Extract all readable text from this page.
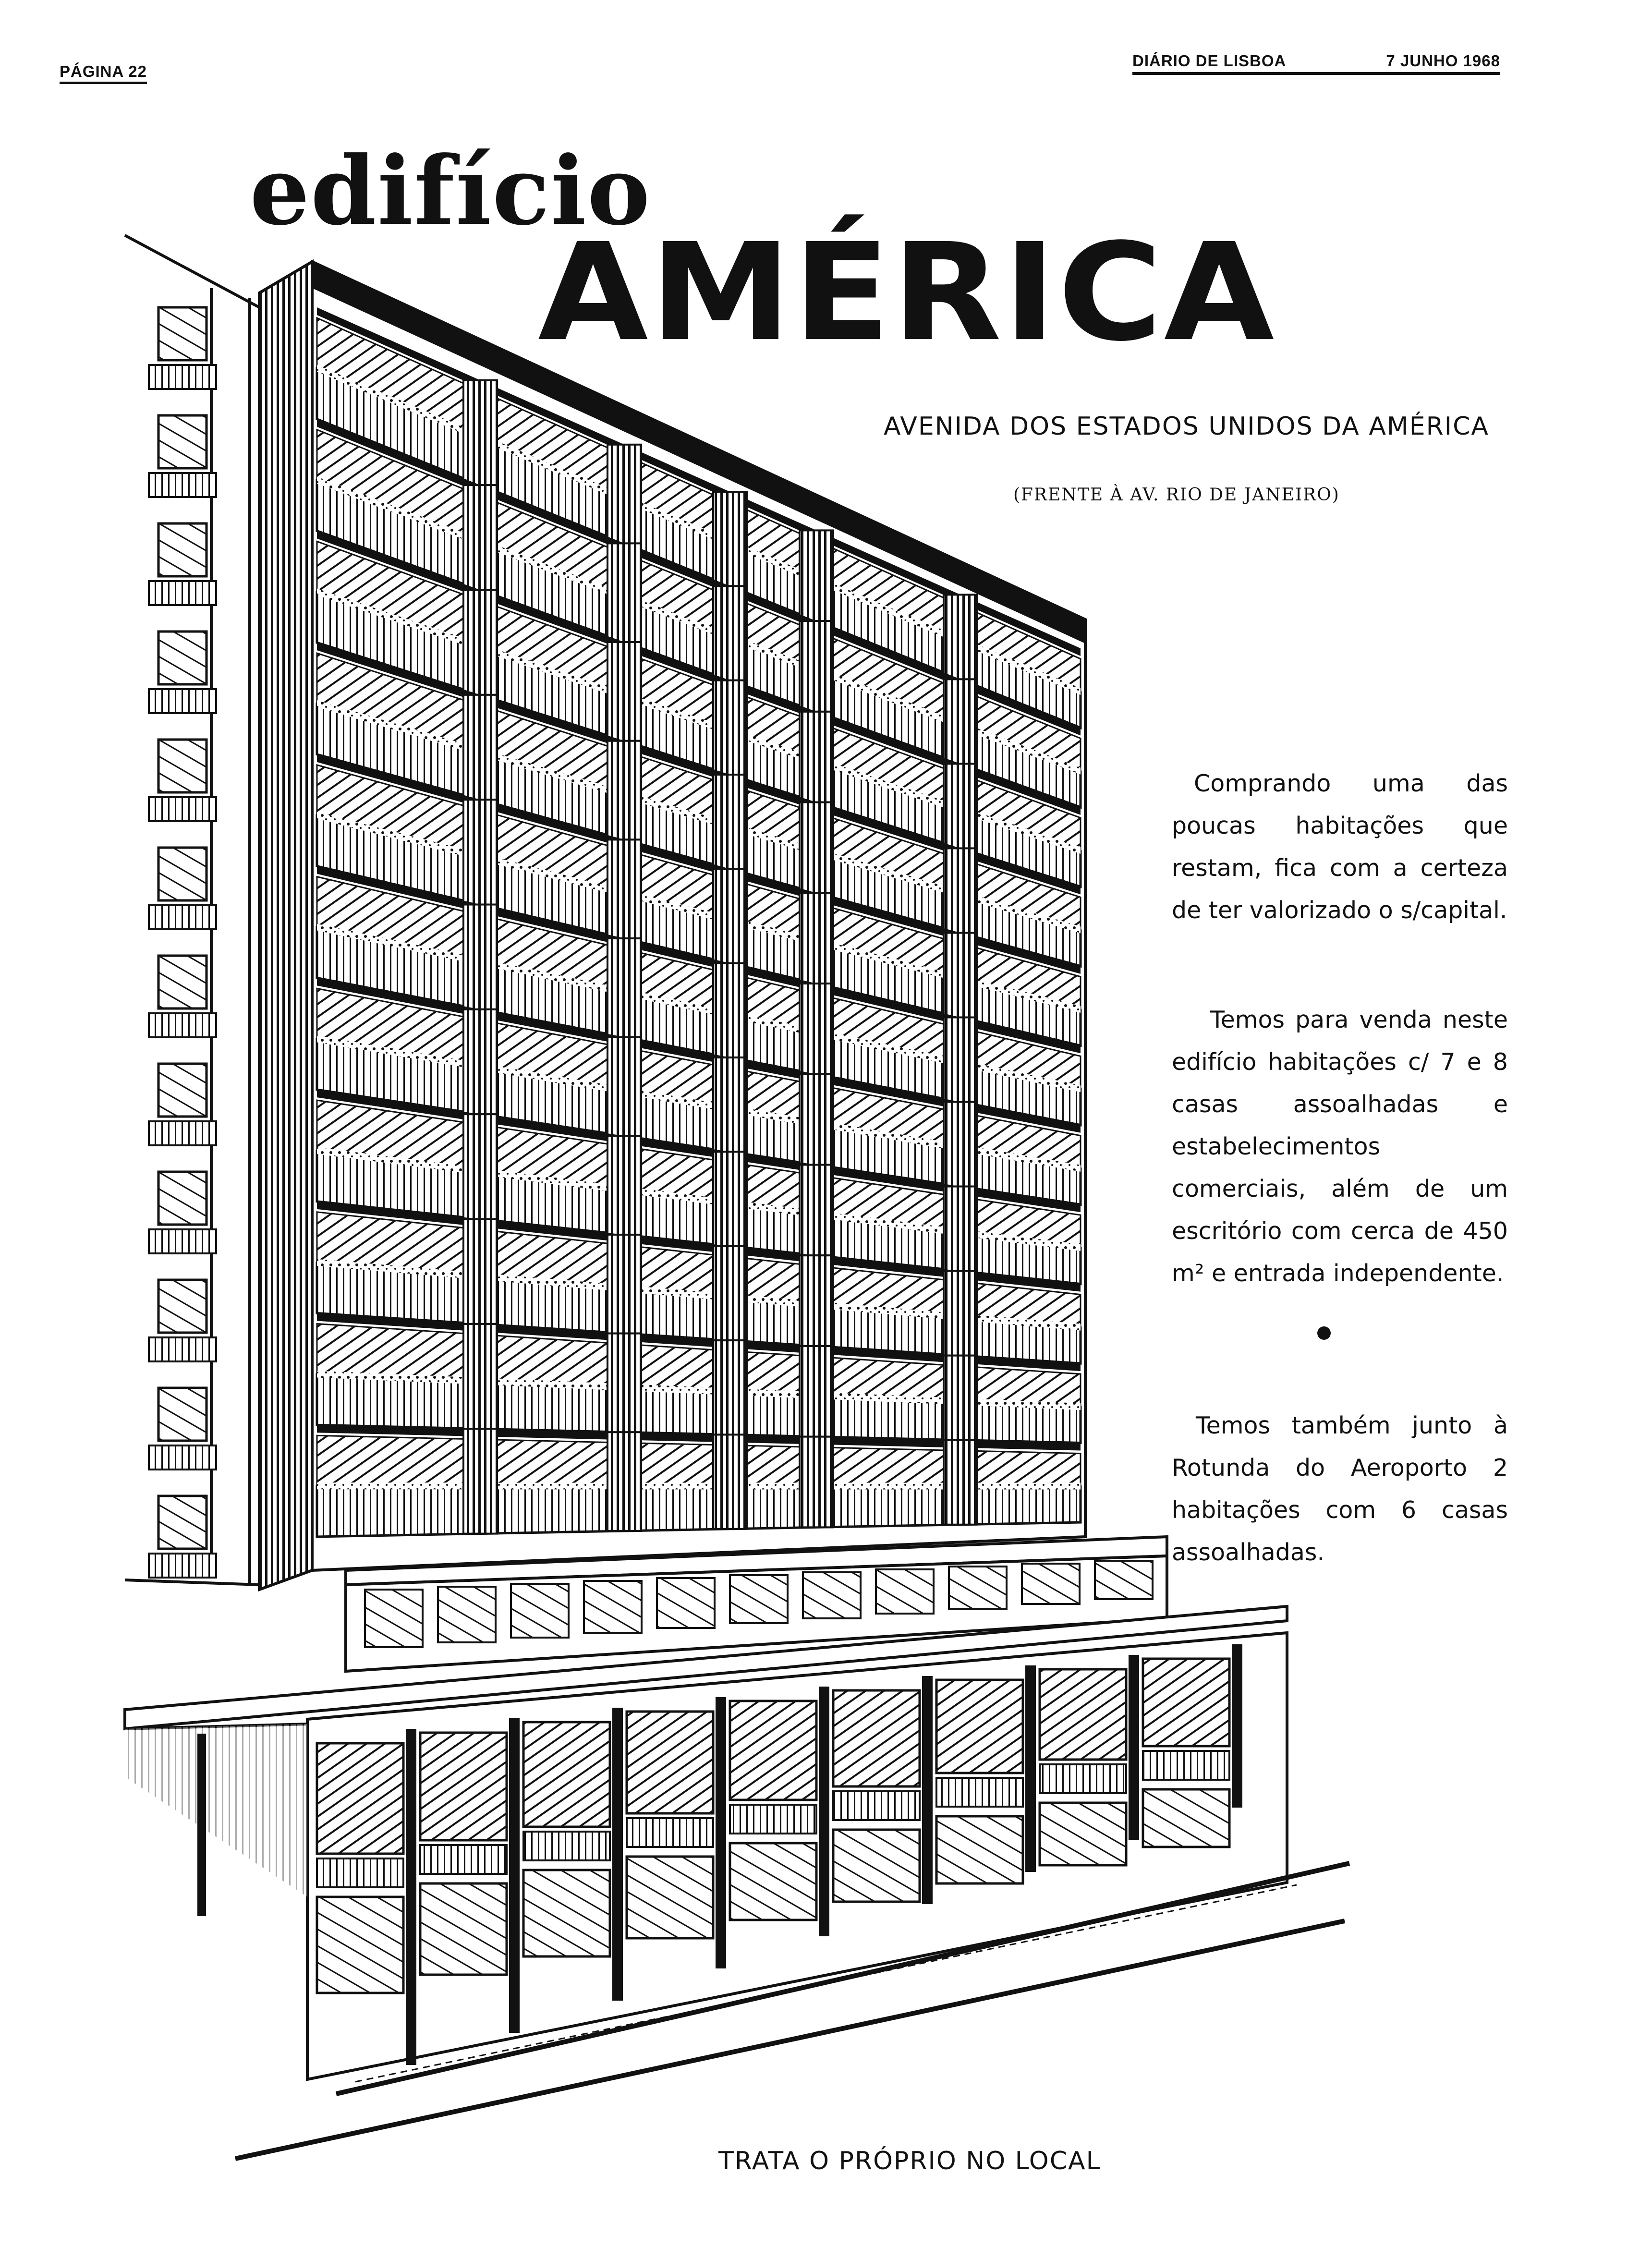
PÁGINA 22
DIÁRIO DE LISBOA	7 JUNHO 1968
edifício
AMÉRICA
AVENIDA DOS ESTADOS UNIDOS DA AMÉRICA
(FRENTE À AV. RIO DE JANEIRO)
Comprando uma das poucas habitações que restam, fica com a certeza de ter valorizado o s/capital.
Temos para venda neste edifício habitações c/ 7 e 8 casas assoalhadas e estabelecimentos comerciais, além de um escritório com cerca de 450 m² e entrada independente.
Temos também junto à Rotunda do Aeroporto 2 habitações com 6 casas assoalhadas.
TRATA O PRÓPRIO NO LOCAL
